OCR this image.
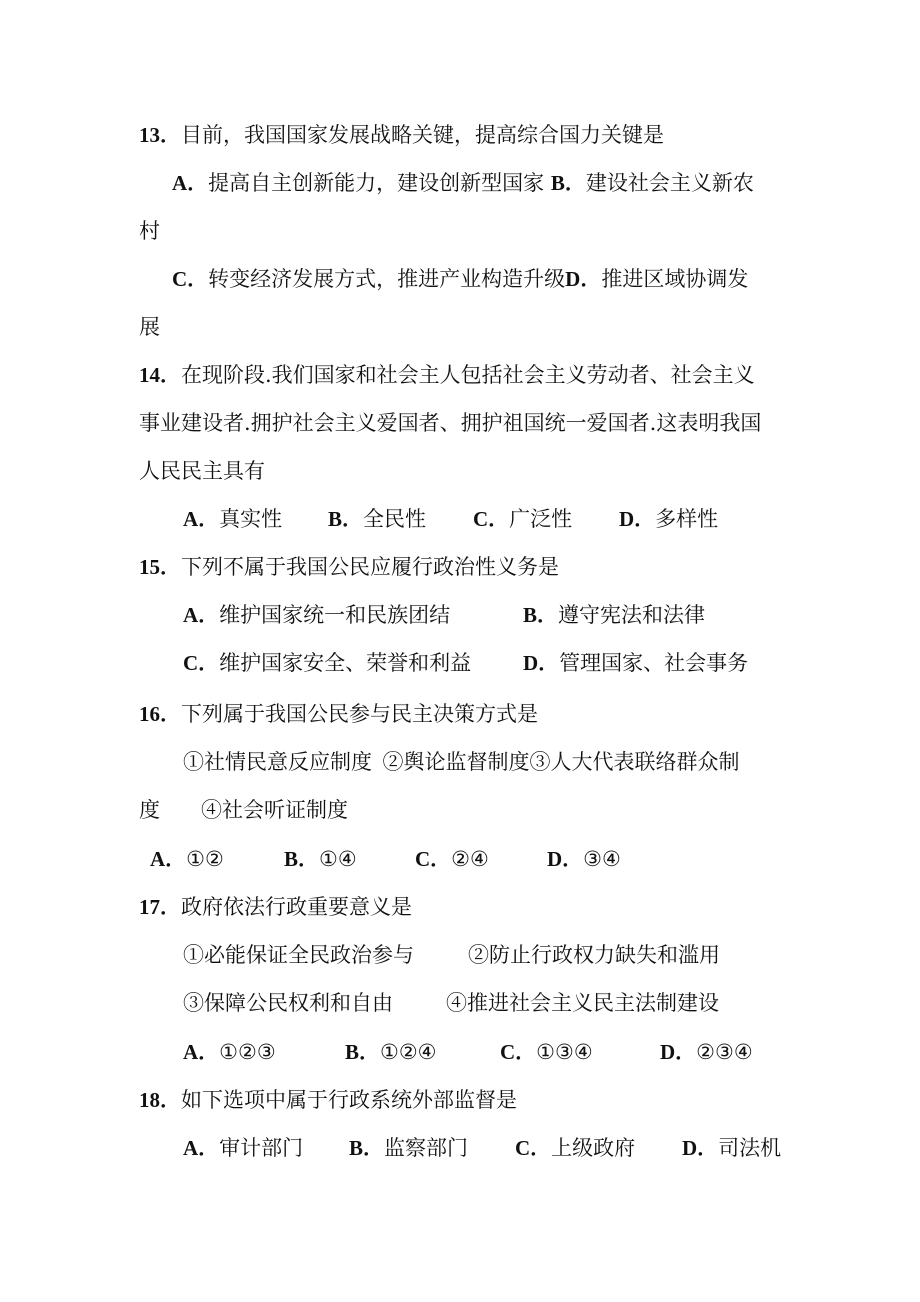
13．目前，我国国家发展战略关键，提高综合国力关键是
A．提高自主创新能力，建设创新型国家 B．建设社会主义新农
村
C．转变经济发展方式，推进产业构造升级D．推进区域协调发
展
14．在现阶段.我们国家和社会主人包括社会主义劳动者、社会主义
事业建设者.拥护社会主义爱国者、拥护祖国统一爱国者.这表明我国
人民民主具有
A．真实性 B．全民性 C．广泛性 D．多样性
15．下列不属于我国公民应履行政治性义务是
A．维护国家统一和民族团结	B．遵守宪法和法律
C．维护国家安全、荣誉和利益 D．管理国家、社会事务
16．下列属于我国公民参与民主决策方式是
①社情民意反应制度  ②舆论监督制度③人大代表联络群众制
度 ④社会听证制度
A．①②	B．①④	C．②④	D．③④
17．政府依法行政重要意义是
①必能保证全民政治参与	②防止行政权力缺失和滥用
③保障公民权利和自由	④推进社会主义民主法制建设
A．①②③	B．①②④	C．①③④	D．②③④
18．如下选项中属于行政系统外部监督是
A．审计部门 B．监察部门 C．上级政府 D．司法机
